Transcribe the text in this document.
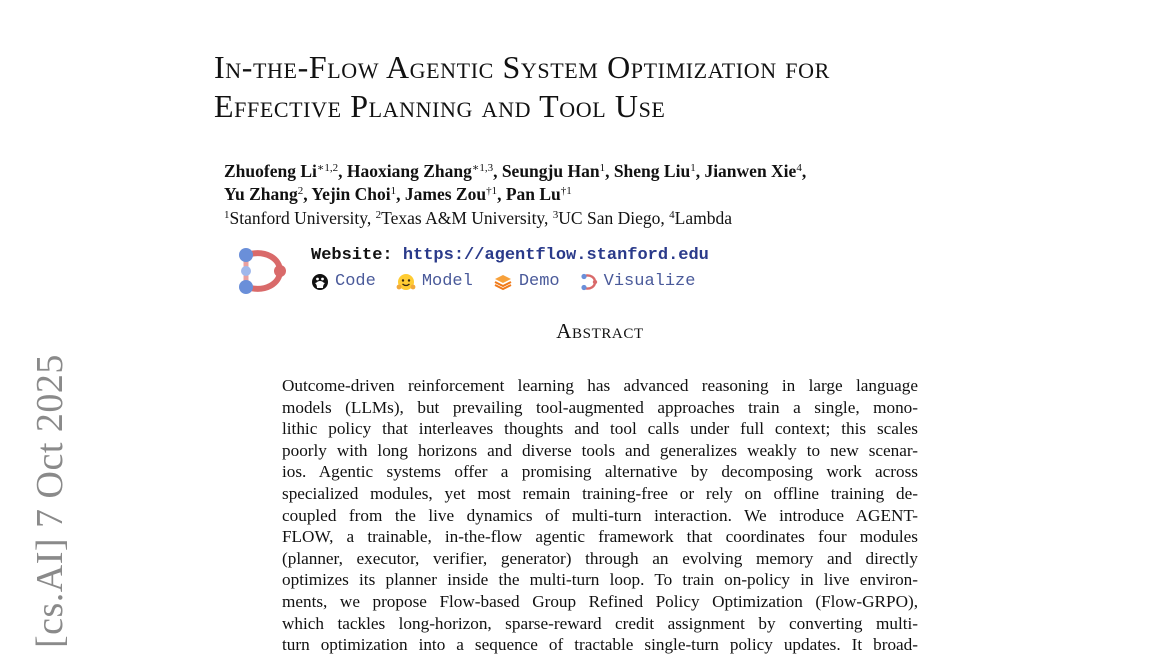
[cs.AI] 7 Oct 2025
In-the-Flow Agentic System Optimization for
Effective Planning and Tool Use
Zhuofeng $Li^{∗1,2}$, Haoxiang Zhang$^{∗1,3}$, Seungju Han$^1$, Sheng Liu$^1$, Jianwen Xie$^4$,
Yu Zhang$^2$, Yejin Choi$^1$, James Zou$^{\dagger 1}$, Pan Lu$^{\dagger 1}$
$^1$Stanford University, $^2$Texas A&M University, $^3$UC San Diego, $^4$Lambda
Website: https://agentflow.stanford.edu
Code	Model	Demo	Visualize
Abstract
Outcome-driven reinforcement learning has advanced reasoning in large language
models (LLMs), but prevailing tool-augmented approaches train a single, mono-
lithic policy that interleaves thoughts and tool calls under full context; this scales
poorly with long horizons and diverse tools and generalizes weakly to new scenar-
ios. Agentic systems offer a promising alternative by decomposing work across
specialized modules, yet most remain training-free or rely on offline training de-
coupled from the live dynamics of multi-turn interaction. We introduce AGENT-
FLOW, a trainable, in-the-flow agentic framework that coordinates four modules
(planner, executor, verifier, generator) through an evolving memory and directly
optimizes its planner inside the multi-turn loop. To train on-policy in live environ-
ments, we propose Flow-based Group Refined Policy Optimization (Flow-GRPO),
which tackles long-horizon, sparse-reward credit assignment by converting multi-
turn optimization into a sequence of tractable single-turn policy updates. It broad-
